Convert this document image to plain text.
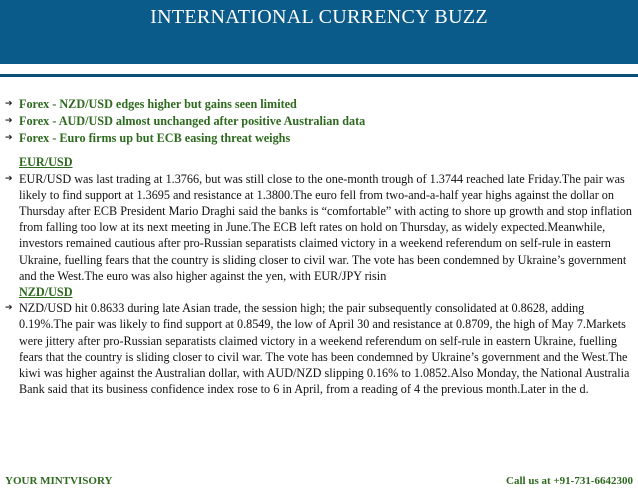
INTERNATIONAL CURRENCY BUZZ
➔ Forex - NZD/USD edges higher but gains seen limited
➔ Forex - AUD/USD almost unchanged after positive Australian data
➔ Forex - Euro firms up but ECB easing threat weighs
EUR/USD
➔ EUR/USD was last trading at 1.3766, but was still close to the one-month trough of 1.3744 reached late Friday.The pair was likely to find support at 1.3695 and resistance at 1.3800.The euro fell from two-and-a-half year highs against the dollar on Thursday after ECB President Mario Draghi said the banks is “comfortable” with acting to shore up growth and stop inflation from falling too low at its next meeting in June.The ECB left rates on hold on Thursday, as widely expected.Meanwhile, investors remained cautious after pro-Russian separatists claimed victory in a weekend referendum on self-rule in eastern Ukraine, fuelling fears that the country is sliding closer to civil war. The vote has been condemned by Ukraine’s government and the West.The euro was also higher against the yen, with EUR/JPY risin
NZD/USD
➔ NZD/USD hit 0.8633 during late Asian trade, the session high; the pair subsequently consolidated at 0.8628, adding 0.19%.The pair was likely to find support at 0.8549, the low of April 30 and resistance at 0.8709, the high of May 7.Markets were jittery after pro-Russian separatists claimed victory in a weekend referendum on self-rule in eastern Ukraine, fuelling fears that the country is sliding closer to civil war. The vote has been condemned by Ukraine’s government and the West.The kiwi was higher against the Australian dollar, with AUD/NZD slipping 0.16% to 1.0852.Also Monday, the National Australia Bank said that its business confidence index rose to 6 in April, from a reading of 4 the previous month.Later in the d.
YOUR MINTVISORY	Call us at +91-731-6642300
